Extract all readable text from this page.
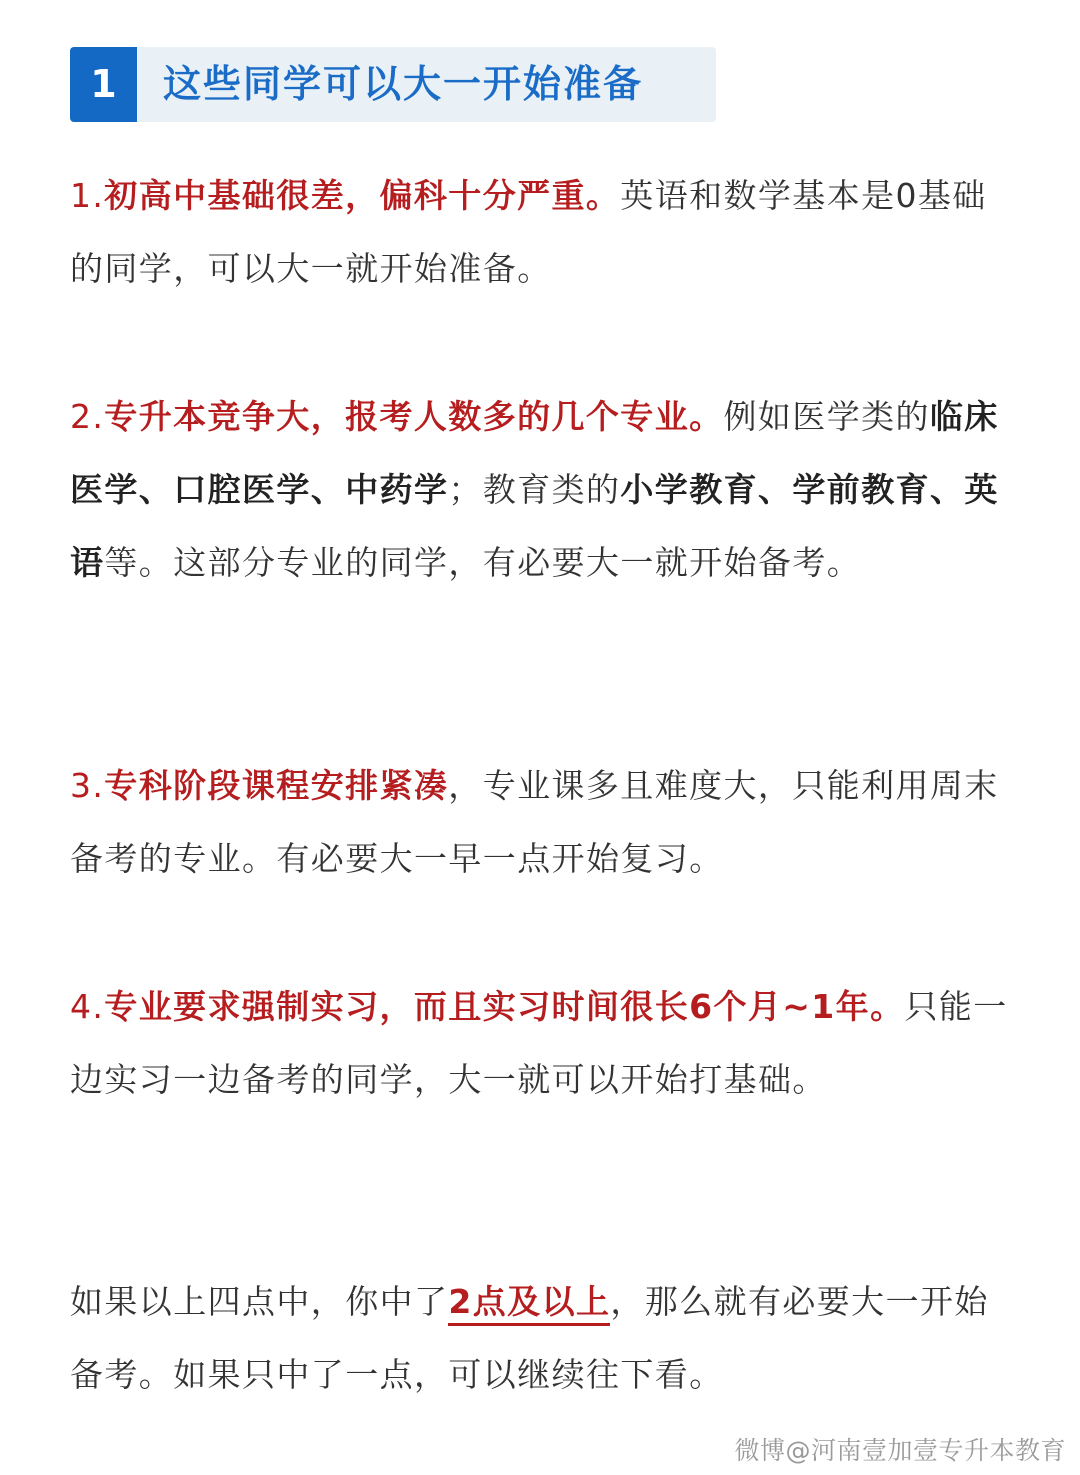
1	这些同学可以大一开始准备
1.初高中基础很差，偏科十分严重。英语和数学基本是0基础的同学，可以大一就开始准备。
2.专升本竞争大，报考人数多的几个专业。例如医学类的临床医学、口腔医学、中药学；教育类的小学教育、学前教育、英语等。这部分专业的同学，有必要大一就开始备考。
3.专科阶段课程安排紧凑，专业课多且难度大，只能利用周末备考的专业。有必要大一早一点开始复习。
4.专业要求强制实习，而且实习时间很长6个月~1年。只能一边实习一边备考的同学，大一就可以开始打基础。
如果以上四点中，你中了2点及以上，那么就有必要大一开始备考。如果只中了一点，可以继续往下看。
微博@河南壹加壹专升本教育
